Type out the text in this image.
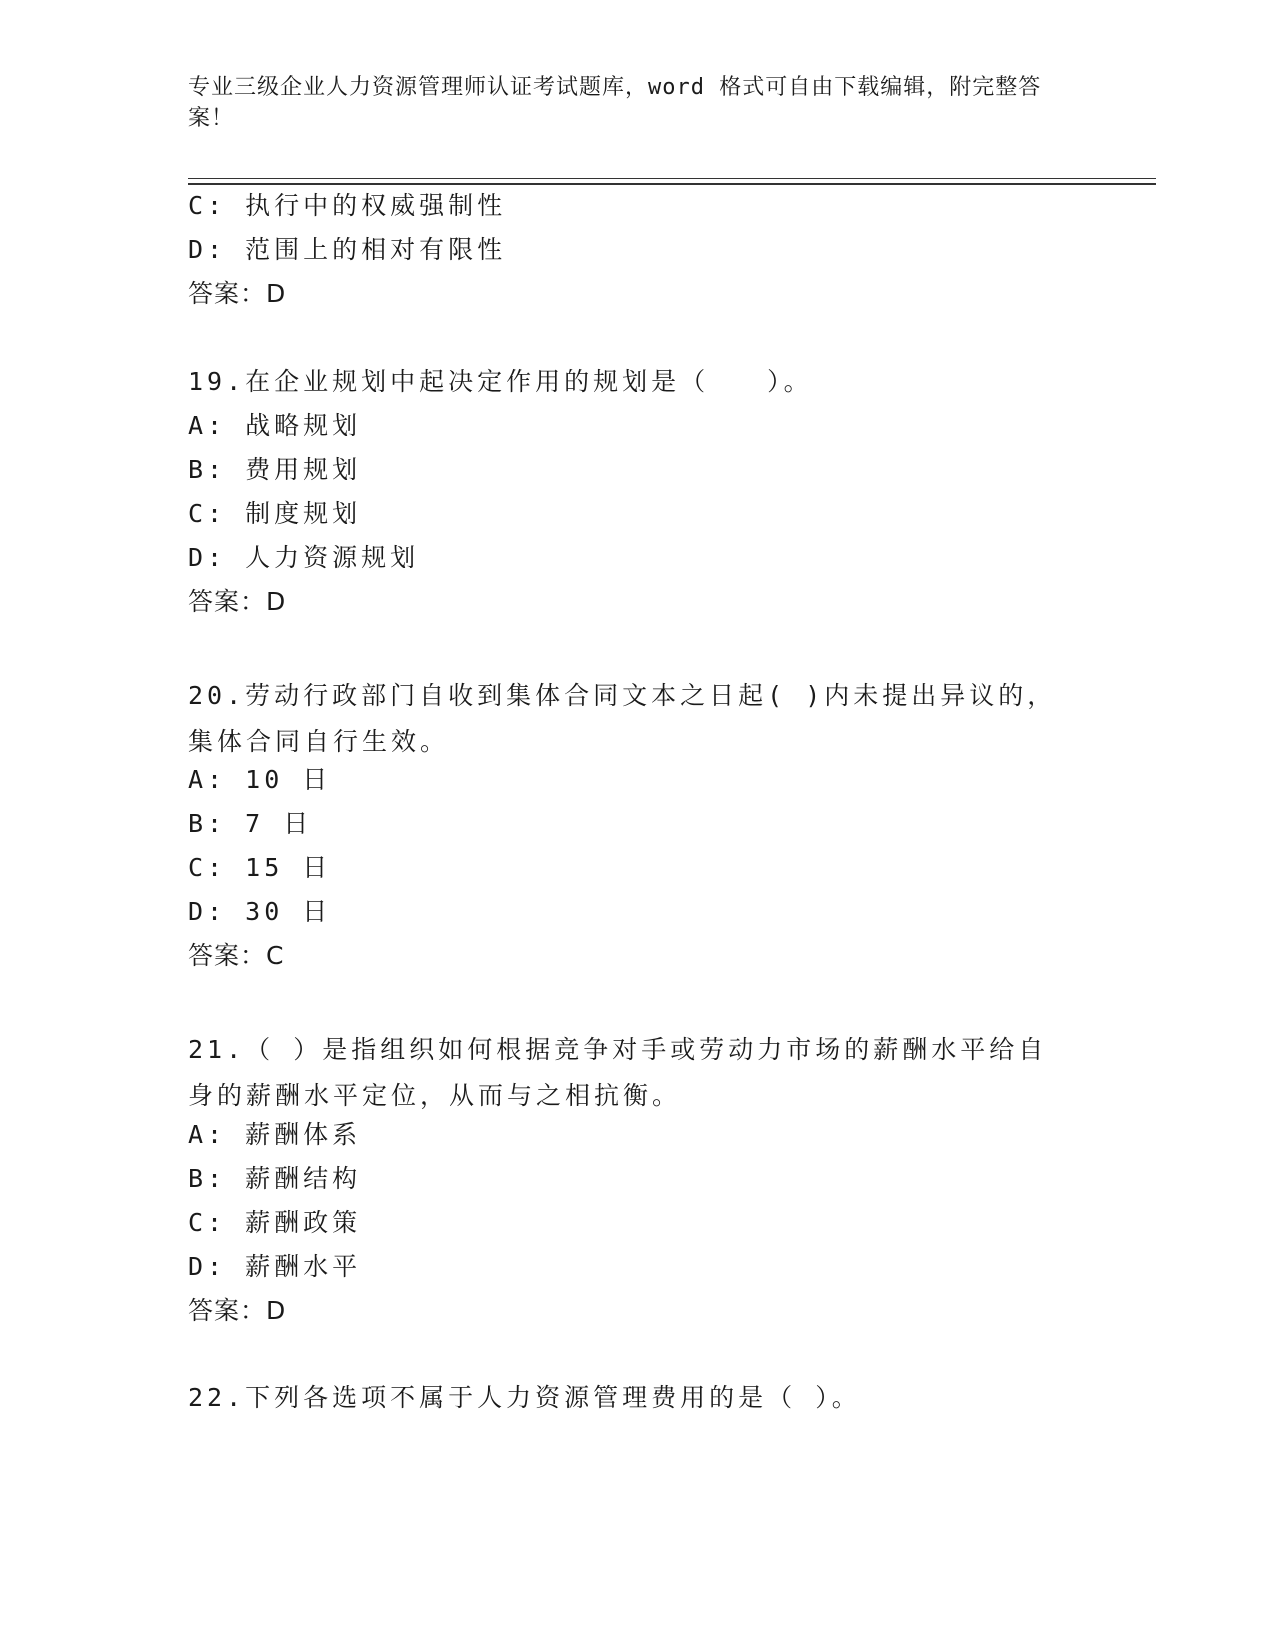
专业三级企业人力资源管理师认证考试题库，word 格式可自由下载编辑，附完整答案！
C: 执行中的权威强制性
D: 范围上的相对有限性
答案：D
19.在企业规划中起决定作用的规划是（　　）。
A: 战略规划
B: 费用规划
C: 制度规划
D: 人力资源规划
答案：D
20.劳动行政部门自收到集体合同文本之日起( )内未提出异议的，集体合同自行生效。
A: 10 日
B: 7 日
C: 15 日
D: 30 日
答案：C
21.（ ）是指组织如何根据竞争对手或劳动力市场的薪酬水平给自身的薪酬水平定位，从而与之相抗衡。
A: 薪酬体系
B: 薪酬结构
C: 薪酬政策
D: 薪酬水平
答案：D
22.下列各选项不属于人力资源管理费用的是（ ）。
